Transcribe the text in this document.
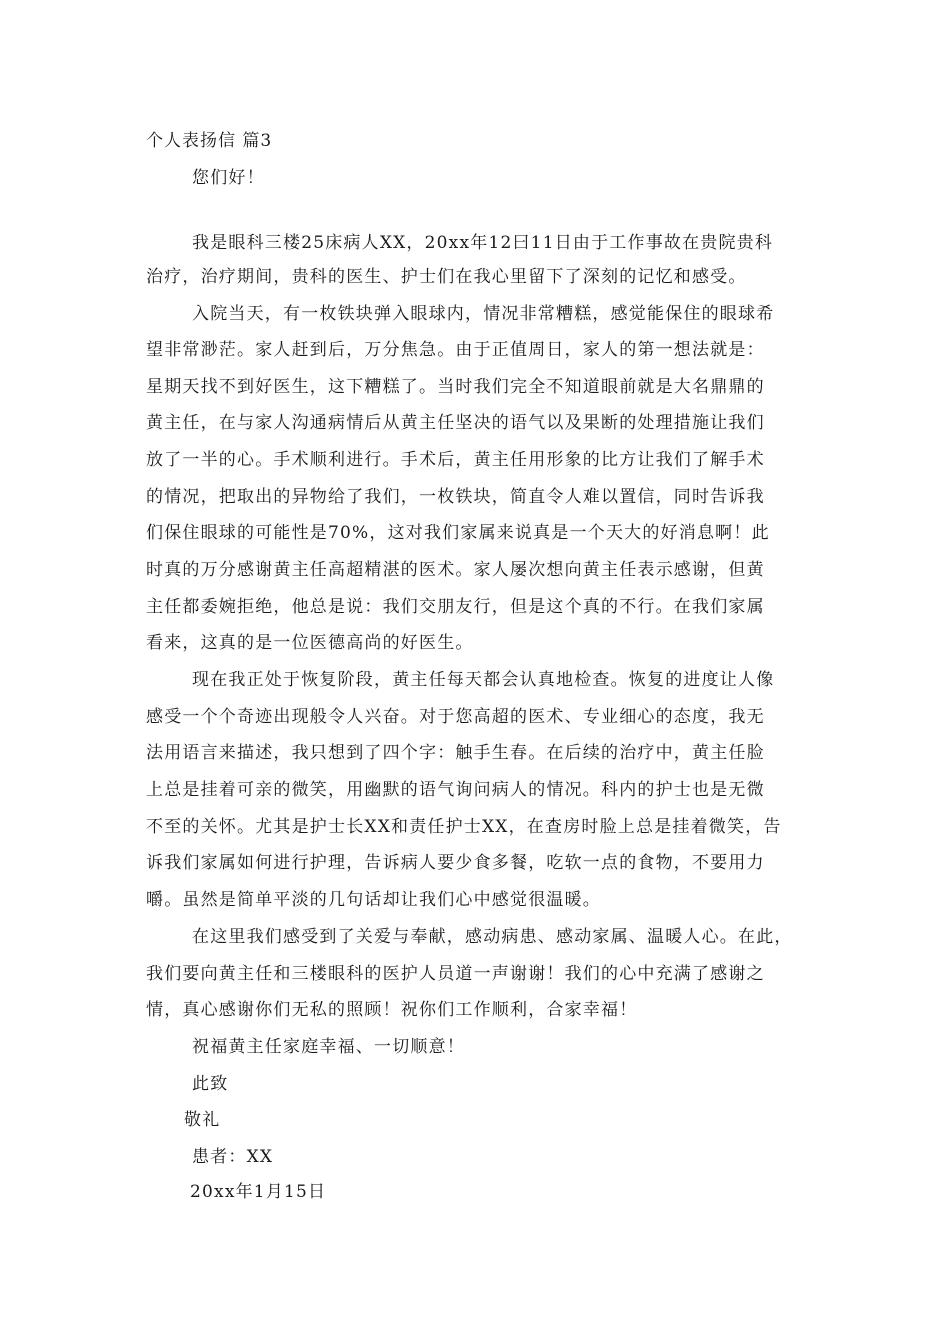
个人表扬信 篇3
您们好！
我是眼科三楼25床病人XX，20xx年12曰11日由于工作事故在贵院贵科
治疗，治疗期间，贵科的医生、护士们在我心里留下了深刻的记忆和感受。
入院当天，有一枚铁块弹入眼球内，情况非常糟糕，感觉能保住的眼球希
望非常渺茫。家人赶到后，万分焦急。由于正值周日，家人的第一想法就是：
星期天找不到好医生，这下糟糕了。当时我们完全不知道眼前就是大名鼎鼎的
黄主任，在与家人沟通病情后从黄主任坚决的语气以及果断的处理措施让我们
放了一半的心。手术顺利进行。手术后，黄主任用形象的比方让我们了解手术
的情况，把取出的异物给了我们，一枚铁块，简直令人难以置信，同时告诉我
们保住眼球的可能性是70%，这对我们家属来说真是一个天大的好消息啊！此
时真的万分感谢黄主任高超精湛的医术。家人屡次想向黄主任表示感谢，但黄
主任都委婉拒绝，他总是说：我们交朋友行，但是这个真的不行。在我们家属
看来，这真的是一位医德高尚的好医生。
现在我正处于恢复阶段，黄主任每天都会认真地检查。恢复的进度让人像
感受一个个奇迹出现般令人兴奋。对于您高超的医术、专业细心的态度，我无
法用语言来描述，我只想到了四个字：触手生春。在后续的治疗中，黄主任脸
上总是挂着可亲的微笑，用幽默的语气询问病人的情况。科内的护士也是无微
不至的关怀。尤其是护士长XX和责任护士XX，在查房时脸上总是挂着微笑，告
诉我们家属如何进行护理，告诉病人要少食多餐，吃软一点的食物，不要用力
嚼。虽然是简单平淡的几句话却让我们心中感觉很温暖。
在这里我们感受到了关爱与奉献，感动病患、感动家属、温暖人心。在此，
我们要向黄主任和三楼眼科的医护人员道一声谢谢！我们的心中充满了感谢之
情，真心感谢你们无私的照顾！祝你们工作顺利，合家幸福！
祝福黄主任家庭幸福、一切顺意！
此致
敬礼
患者：XX
20xx年1月15日
